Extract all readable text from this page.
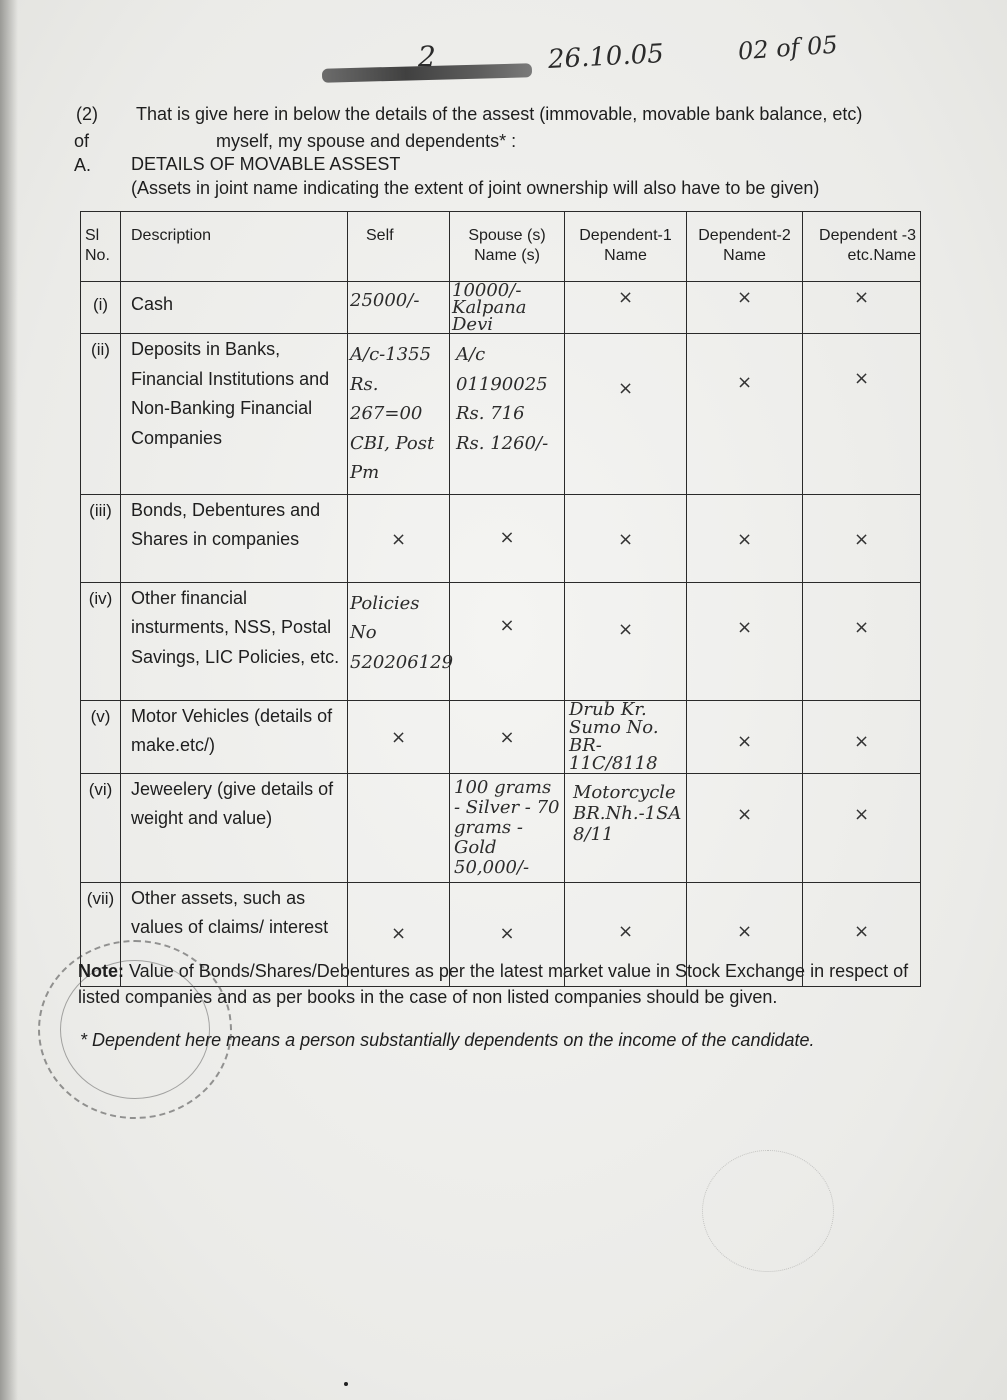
2	26.10.05	02 of 05
(2) That is give here in below the details of the assest (immovable, movable bank balance, etc)
of	myself, my spouse and dependents* :
A. DETAILS OF MOVABLE ASSEST
(Assets in joint name indicating the extent of joint ownership will also have to be given)
Sl No.	Description	Self	Spouse (s) Name (s)	Dependent-1 Name	Dependent-2 Name	Dependent -3 etc.Name
(i)	Cash	25000/-	10000/- Kalpana Devi	×	×	×

(ii)	Deposits in Banks, Financial Institutions and Non-Banking Financial Companies	A/c-1355 Rs. 267=00 CBI, Post Pm	A/c 01190025 Rs. 716 Rs. 1260/-	×	×	×

(iii)	Bonds, Debentures and Shares in companies	×	×	×	×	×

(iv)	Other financial insturments, NSS, Postal Savings, LIC Policies, etc.	Policies No 520206129	×	×	×	×

(v)	Motor Vehicles (details of make.etc/)	×	×	Drub Kr. Sumo No. BR-11C/8118	×	×

(vi)	Jeweelery (give details of weight and value)		100 grams - Silver - 70 grams - Gold 50,000/-	Motorcycle BR.Nh.-1SA 8/11	×	×

(vii)	Other assets, such as values of claims/ interest	×	×	×	×	×
Note: Value of Bonds/Shares/Debentures as per the latest market value in Stock Exchange in respect of listed companies and as per books in the case of non listed companies should be given.
* Dependent here means a person substantially dependents on the income of the candidate.
